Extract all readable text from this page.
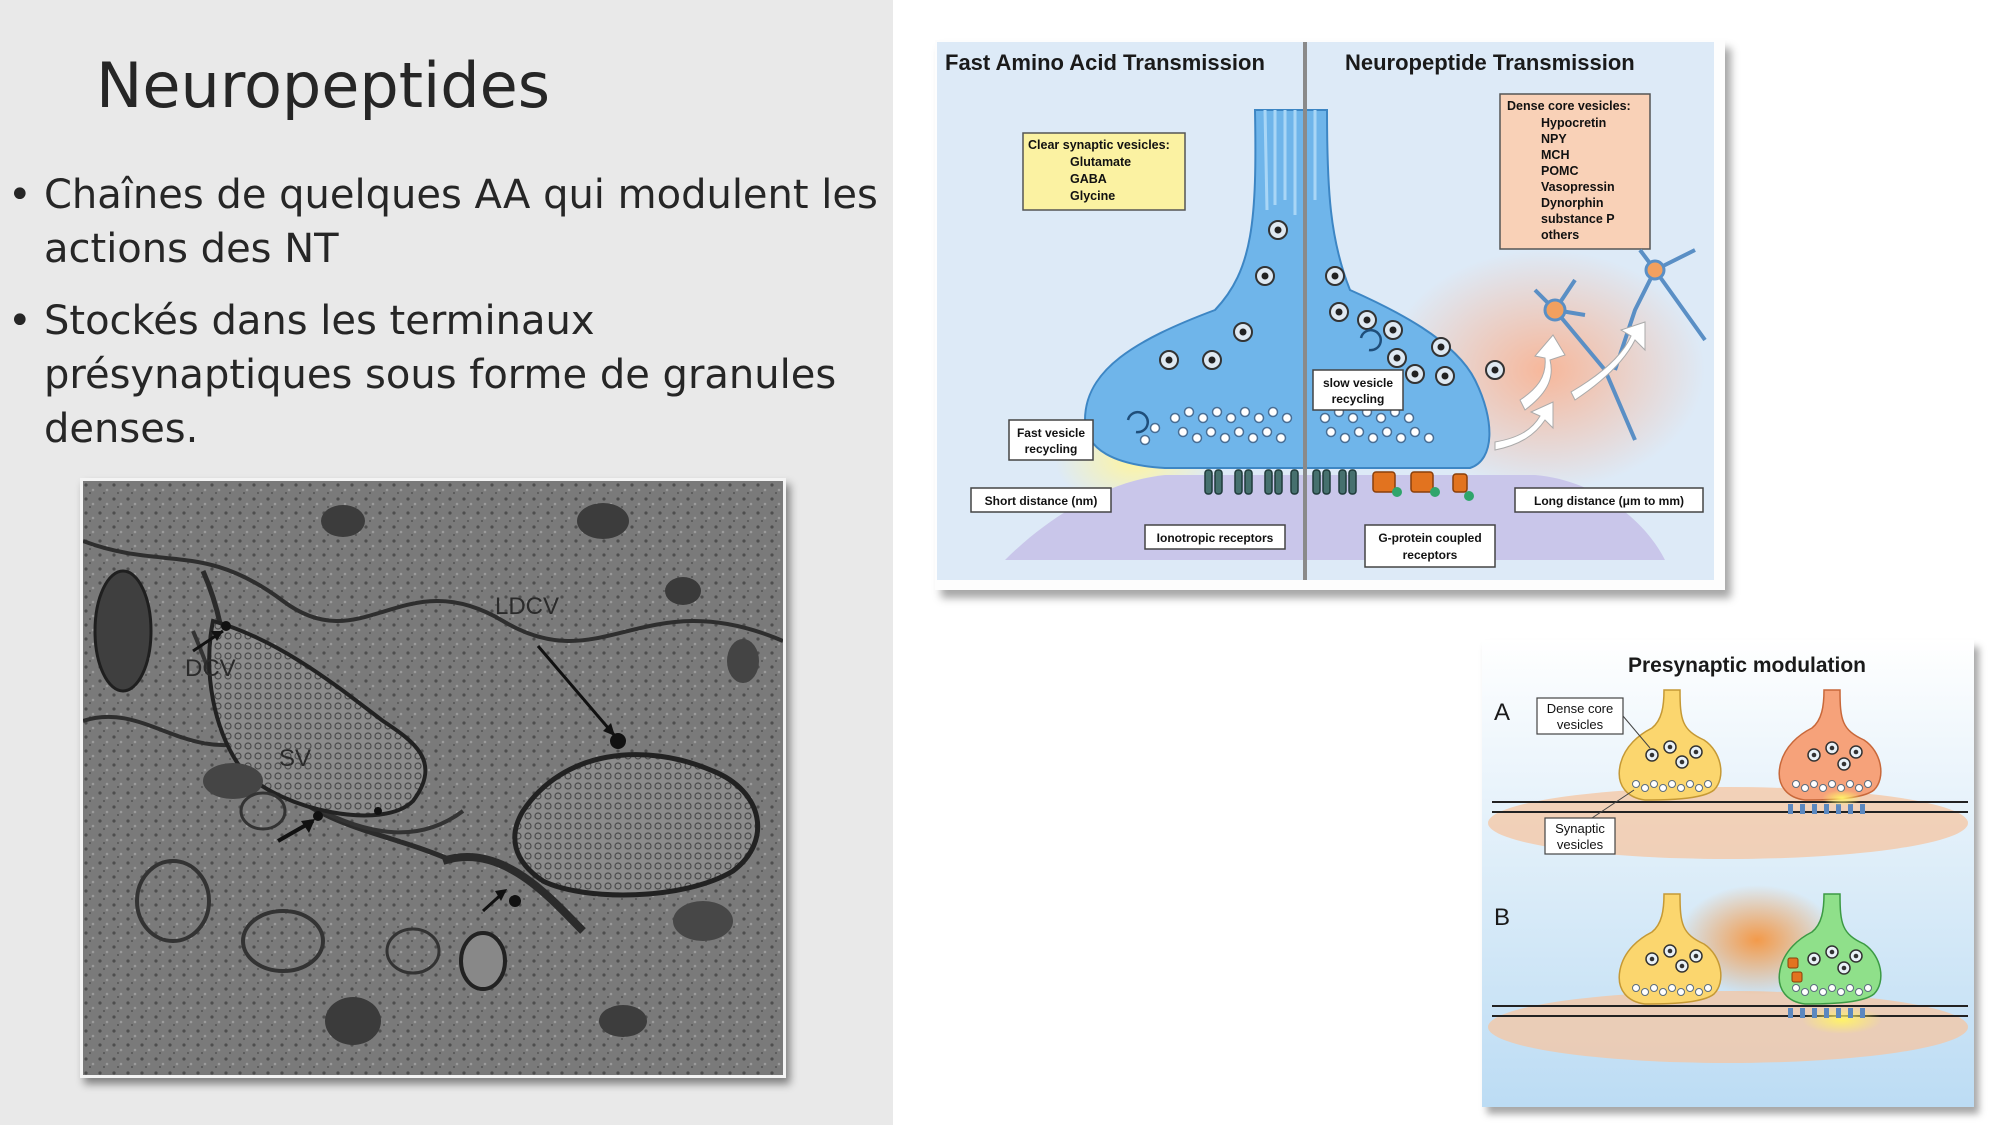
Neuropeptides
• Chaînes de quelques AA qui modulent les actions des NT
• Stockés dans les terminaux présynaptiques sous forme de granules denses.
LDCV
DCV
SV
Fast Amino Acid Transmission	Neuropeptide Transmission
Clear synaptic vesicles:
Glutamate
GABA
Glycine
Dense core vesicles:
Hypocretin
NPY
MCH
POMC
Vasopressin
Dynorphin
substance P
others
slow vesicle
recycling
Fast vesicle
recycling
Short distance (nm)	Long distance (μm to mm)
Ionotropic receptors	G-protein coupled
receptors
Presynaptic modulation
A
B
Dense core
vesicles
Synaptic
vesicles
